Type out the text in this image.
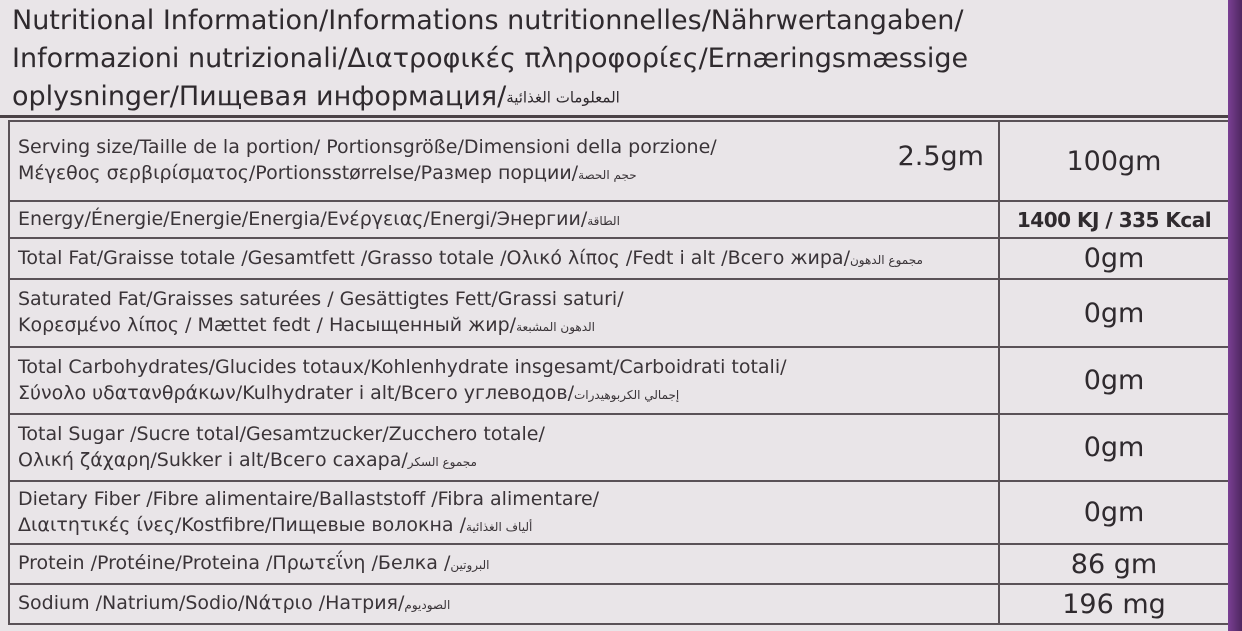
Nutritional Information/Informations nutritionnelles/Nährwertangaben/
Informazioni nutrizionali/Διατροφικές πληροφορίες/Ernæringsmæssige
oplysninger/Пищевая информация/المعلومات الغذائية
Serving size/Taille de la portion/ Portionsgröße/Dimensioni della porzione/
Μέγεθος σερβιρίσματος/Portionsstørrelse/Размер порции/حجم الحصة
2.5gm	100gm
Energy/Énergie/Energie/Energia/Ενέργειας/Energi/Энергии/الطاقة	1400 KJ / 335 Kcal
Total Fat/Graisse totale /Gesamtfett /Grasso totale /Ολικό λίπος /Fedt i alt /Всего жира/مجموع الدهون	0gm

Saturated Fat/Graisses saturées / Gesättigtes Fett/Grassi saturi/
Κορεσμένο λίπος / Mættet fedt / Насыщенный жир/الدهون المشبعة	0gm

Total Carbohydrates/Glucides totaux/Kohlenhydrate insgesamt/Carboidrati totali/
Σύνολο υδατανθράκων/Kulhydrater i alt/Всего углеводов/إجمالي الكربوهيدرات	0gm

Total Sugar /Sucre total/Gesamtzucker/Zucchero totale/
Ολική ζάχαρη/Sukker i alt/Всего сахара/مجموع السكر	0gm

Dietary Fiber /Fibre alimentaire/Ballaststoff /Fibra alimentare/
Διαιτητικές ίνες/Kostfibre/Пищевые волокна /ألياف الغذائية	0gm
Protein /Protéine/Proteina /Πρωτεΐνη /Белка /البروتين	86 gm
Sodium /Natrium/Sodio/Νάτριο /Натрия/الصوديوم	196 mg
